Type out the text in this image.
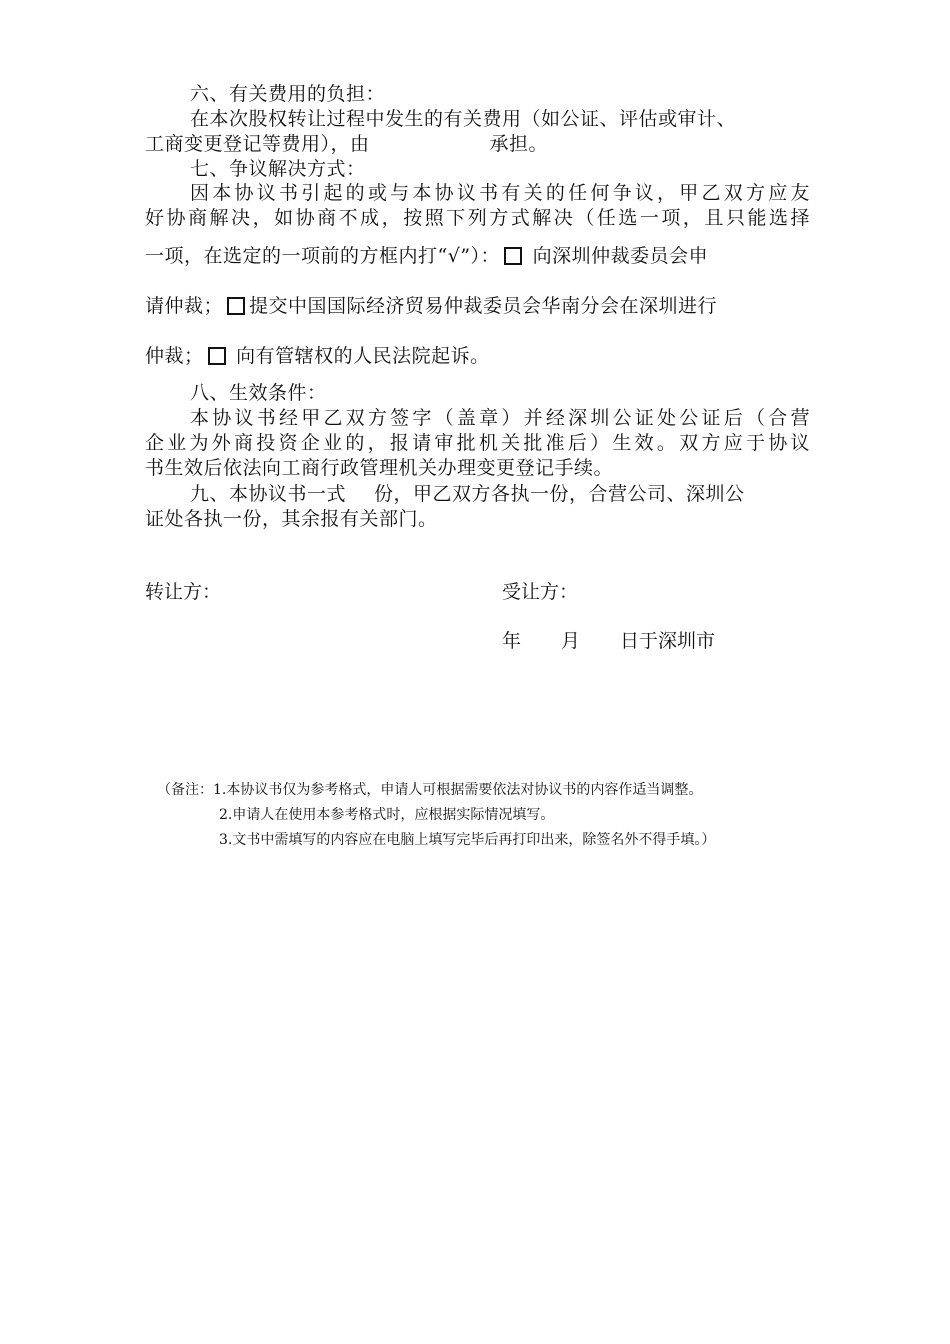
六、有关费用的负担：
在本次股权转让过程中发生的有关费用（如公证、评估或审计、
工商变更登记等费用），由	承担。
七、争议解决方式：
因本协议书引起的或与本协议书有关的任何争议，甲乙双方应友
好协商解决，如协商不成，按照下列方式解决（任选一项，且只能选择
一项，在选定的一项前的方框内打“√”）： 向深圳仲裁委员会申
请仲裁； 提交中国国际经济贸易仲裁委员会华南分会在深圳进行
仲裁； 向有管辖权的人民法院起诉。
八、生效条件：
本协议书经甲乙双方签字（盖章）并经深圳公证处公证后（合营
企业为外商投资企业的，报请审批机关批准后）生效。双方应于协议
书生效后依法向工商行政管理机关办理变更登记手续。
九、本协议书一式 份，甲乙双方各执一份，合营公司、深圳公
证处各执一份，其余报有关部门。
转让方：	受让方：
年 月 日于深圳市
（备注：1.本协议书仅为参考格式，申请人可根据需要依法对协议书的内容作适当调整。
2.申请人在使用本参考格式时，应根据实际情况填写。
3.文书中需填写的内容应在电脑上填写完毕后再打印出来，除签名外不得手填。）
